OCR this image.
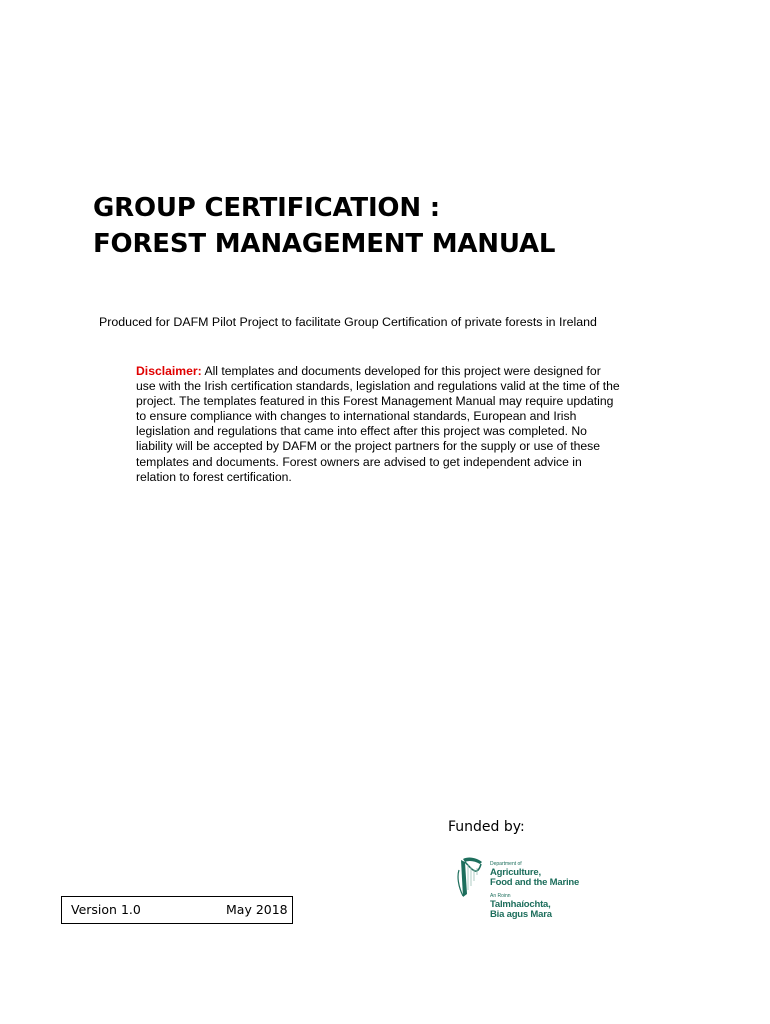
GROUP CERTIFICATION :
FOREST MANAGEMENT MANUAL
Produced for DAFM Pilot Project to facilitate Group Certification of private forests in Ireland

Disclaimer: All templates and documents developed for this project were designed for use with the Irish certification standards, legislation and regulations valid at the time of the project. The templates featured in this Forest Management Manual may require updating to ensure compliance with changes to international standards, European and Irish legislation and regulations that came into effect after this project was completed. No liability will be accepted by DAFM or the project partners for the supply or use of these templates and documents. Forest owners are advised to get independent advice in relation to forest certification.

Funded by:
Department of
Agriculture,
Food and the Marine
An Roinn
Talmhaíochta,
Bia agus Mara
Version 1.0	May 2018
